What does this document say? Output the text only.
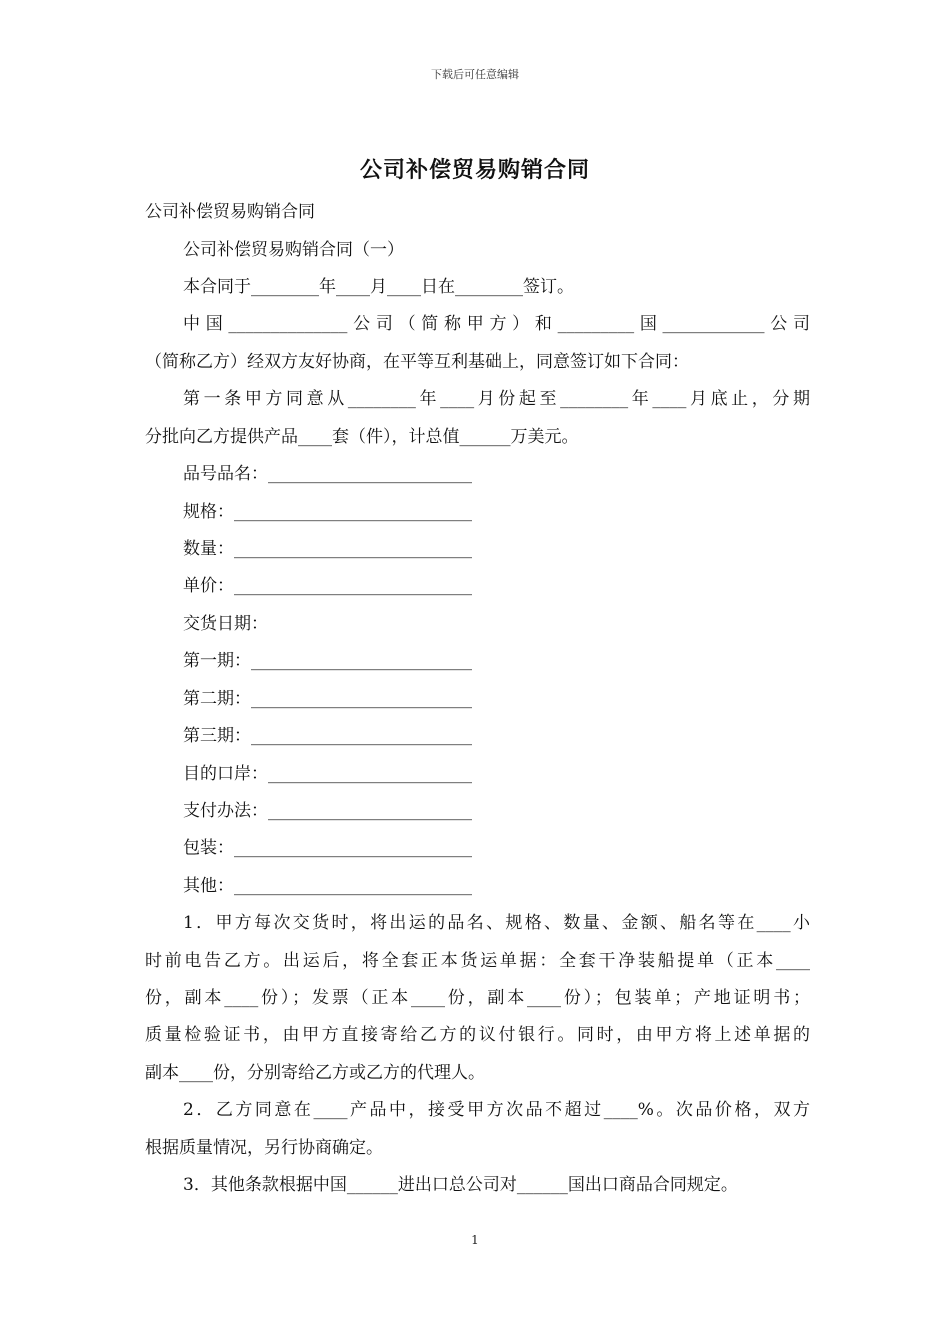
下载后可任意编辑
公司补偿贸易购销合同
公司补偿贸易购销合同
公司补偿贸易购销合同（一）
本合同于________年____月____日在________签订。
中国______________公司（简称甲方）和_________国____________公司
（简称乙方）经双方友好协商，在平等互利基础上，同意签订如下合同：
第一条甲方同意从________年____月份起至________年____月底止，分期
分批向乙方提供产品____套（件），计总值______万美元。
品号品名：________________________
规格：____________________________
数量：____________________________
单价：____________________________
交货日期：
第一期：__________________________
第二期：__________________________
第三期：__________________________
目的口岸：________________________
支付办法：________________________
包装：____________________________
其他：____________________________
1．甲方每次交货时，将出运的品名、规格、数量、金额、船名等在____小
时前电告乙方。出运后，将全套正本货运单据：全套干净装船提单（正本____
份，副本____份）；发票（正本____份，副本____份）；包装单；产地证明书；
质量检验证书，由甲方直接寄给乙方的议付银行。同时，由甲方将上述单据的
副本____份，分别寄给乙方或乙方的代理人。
2．乙方同意在____产品中，接受甲方次品不超过____%。次品价格，双方
根据质量情况，另行协商确定。
3．其他条款根据中国______进出口总公司对______国出口商品合同规定。
1
